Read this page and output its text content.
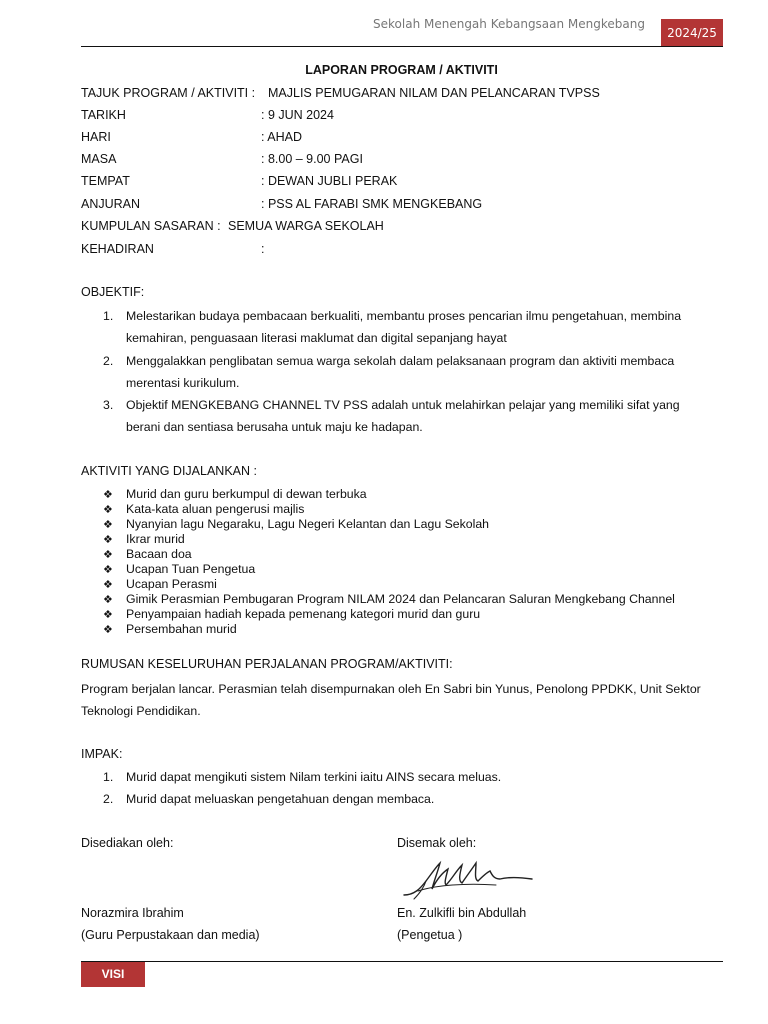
Sekolah Menengah Kebangsaan Mengkebang
2024/25
LAPORAN PROGRAM / AKTIVITI
TAJUK PROGRAM / AKTIVITI : MAJLIS PEMUGARAN NILAM DAN PELANCARAN TVPSS
TARIKH	: 9 JUN 2024
HARI	: AHAD
MASA	: 8.00 – 9.00 PAGI
TEMPAT	: DEWAN JUBLI PERAK
ANJURAN	: PSS AL FARABI SMK MENGKEBANG
KUMPULAN SASARAN : SEMUA WARGA SEKOLAH
KEHADIRAN	:
OBJEKTIF:
1. Melestarikan budaya pembacaan berkualiti, membantu proses pencarian ilmu pengetahuan, membina kemahiran, penguasaan literasi maklumat dan digital sepanjang hayat
2. Menggalakkan penglibatan semua warga sekolah dalam pelaksanaan program dan aktiviti membaca merentasi kurikulum.
3. Objektif MENGKEBANG CHANNEL TV PSS adalah untuk melahirkan pelajar yang memiliki sifat yang berani dan sentiasa berusaha untuk maju ke hadapan.
AKTIVITI YANG DIJALANKAN :
❖ Murid dan guru berkumpul di dewan terbuka
❖ Kata-kata aluan pengerusi majlis
❖ Nyanyian lagu Negaraku, Lagu Negeri Kelantan dan Lagu Sekolah
❖ Ikrar murid
❖ Bacaan doa
❖ Ucapan Tuan Pengetua
❖ Ucapan Perasmi
❖ Gimik Perasmian Pembugaran Program NILAM 2024 dan Pelancaran Saluran Mengkebang Channel
❖ Penyampaian hadiah kepada pemenang kategori murid dan guru
❖ Persembahan murid
RUMUSAN KESELURUHAN PERJALANAN PROGRAM/AKTIVITI:
Program berjalan lancar. Perasmian telah disempurnakan oleh En Sabri bin Yunus, Penolong PPDKK, Unit Sektor Teknologi Pendidikan.
IMPAK:
1. Murid dapat mengikuti sistem Nilam terkini iaitu AINS secara meluas.
2. Murid dapat meluaskan pengetahuan dengan membaca.
Disediakan oleh:	Disemak oleh:
Norazmira Ibrahim	En. Zulkifli bin Abdullah
(Guru Perpustakaan dan media)	(Pengetua )
VISI
